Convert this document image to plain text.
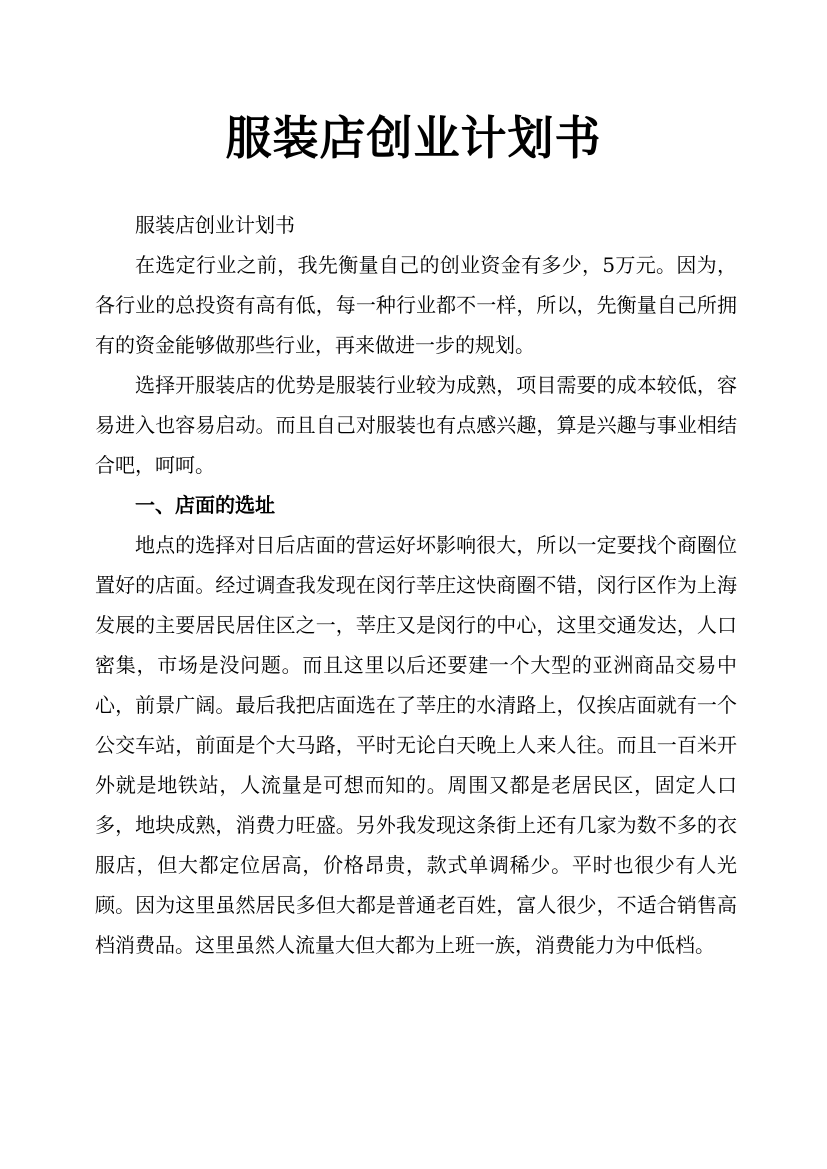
服装店创业计划书

服装店创业计划书

在选定行业之前，我先衡量自己的创业资金有多少，5万元。因为，各行业的总投资有高有低，每一种行业都不一样，所以，先衡量自己所拥有的资金能够做那些行业，再来做进一步的规划。

选择开服装店的优势是服装行业较为成熟，项目需要的成本较低，容易进入也容易启动。而且自己对服装也有点感兴趣，算是兴趣与事业相结合吧，呵呵。

一、店面的选址

地点的选择对日后店面的营运好坏影响很大，所以一定要找个商圈位置好的店面。经过调查我发现在闵行莘庄这快商圈不错，闵行区作为上海发展的主要居民居住区之一，莘庄又是闵行的中心，这里交通发达，人口密集，市场是没问题。而且这里以后还要建一个大型的亚洲商品交易中心，前景广阔。最后我把店面选在了莘庄的水清路上，仅挨店面就有一个公交车站，前面是个大马路，平时无论白天晚上人来人往。而且一百米开外就是地铁站，人流量是可想而知的。周围又都是老居民区，固定人口多，地块成熟，消费力旺盛。另外我发现这条街上还有几家为数不多的衣服店，但大都定位居高，价格昂贵，款式单调稀少。平时也很少有人光顾。因为这里虽然居民多但大都是普通老百姓，富人很少，不适合销售高档消费品。这里虽然人流量大但大都为上班一族，消费能力为中低档。
